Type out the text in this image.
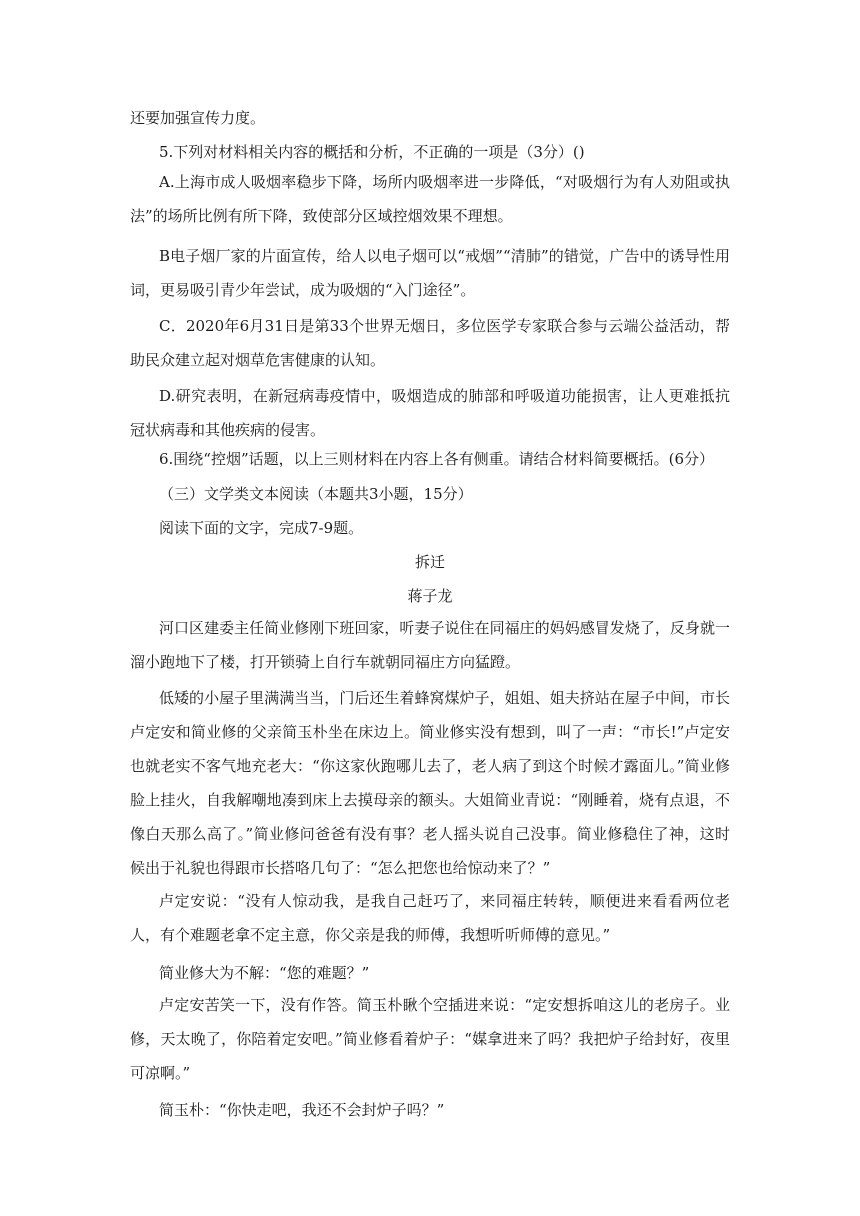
还要加强宣传力度。
5.下列对材料相关内容的概括和分析，不正确的一项是（3分）()
A.上海市成人吸烟率稳步下降，场所内吸烟率进一步降低，“对吸烟行为有人劝阻或执法”的场所比例有所下降，致使部分区域控烟效果不理想。
B电子烟厂家的片面宣传，给人以电子烟可以“戒烟”“清肺”的错觉，广告中的诱导性用词，更易吸引青少年尝试，成为吸烟的“入门途径”。
C．2020年6月31日是第33个世界无烟日，多位医学专家联合参与云端公益活动，帮助民众建立起对烟草危害健康的认知。
D.研究表明，在新冠病毒疫情中，吸烟造成的肺部和呼吸道功能损害，让人更难抵抗冠状病毒和其他疾病的侵害。
6.围绕“控烟”话题，以上三则材料在内容上各有侧重。请结合材料简要概括。(6分）
（三）文学类文本阅读（本题共3小题，15分）
阅读下面的文字，完成7-9题。
拆迁
蒋子龙
河口区建委主任简业修刚下班回家，听妻子说住在同福庄的妈妈感冒发烧了，反身就一溜小跑地下了楼，打开锁骑上自行车就朝同福庄方向猛蹬。
低矮的小屋子里满满当当，门后还生着蜂窝煤炉子，姐姐、姐夫挤站在屋子中间，市长卢定安和简业修的父亲简玉朴坐在床边上。简业修实没有想到，叫了一声：“市长!”卢定安也就老实不客气地充老大：“你这家伙跑哪儿去了，老人病了到这个时候才露面儿。”简业修脸上挂火，自我解嘲地凑到床上去摸母亲的额头。大姐简业青说：“刚睡着，烧有点退，不像白天那么高了。”简业修问爸爸有没有事？老人摇头说自己没事。简业修稳住了神，这时候出于礼貌也得跟市长搭咯几句了：“怎么把您也给惊动来了？”
卢定安说：“没有人惊动我，是我自己赶巧了，来同福庄转转，顺便进来看看两位老人，有个难题老拿不定主意，你父亲是我的师傅，我想听听师傅的意见。”
简业修大为不解：“您的难题？”
卢定安苦笑一下，没有作答。简玉朴瞅个空插进来说：“定安想拆咱这儿的老房子。业修，天太晚了，你陪着定安吧。”简业修看着炉子：“媒拿进来了吗？我把炉子给封好，夜里可凉啊。”
简玉朴：“你快走吧，我还不会封炉子吗？”
